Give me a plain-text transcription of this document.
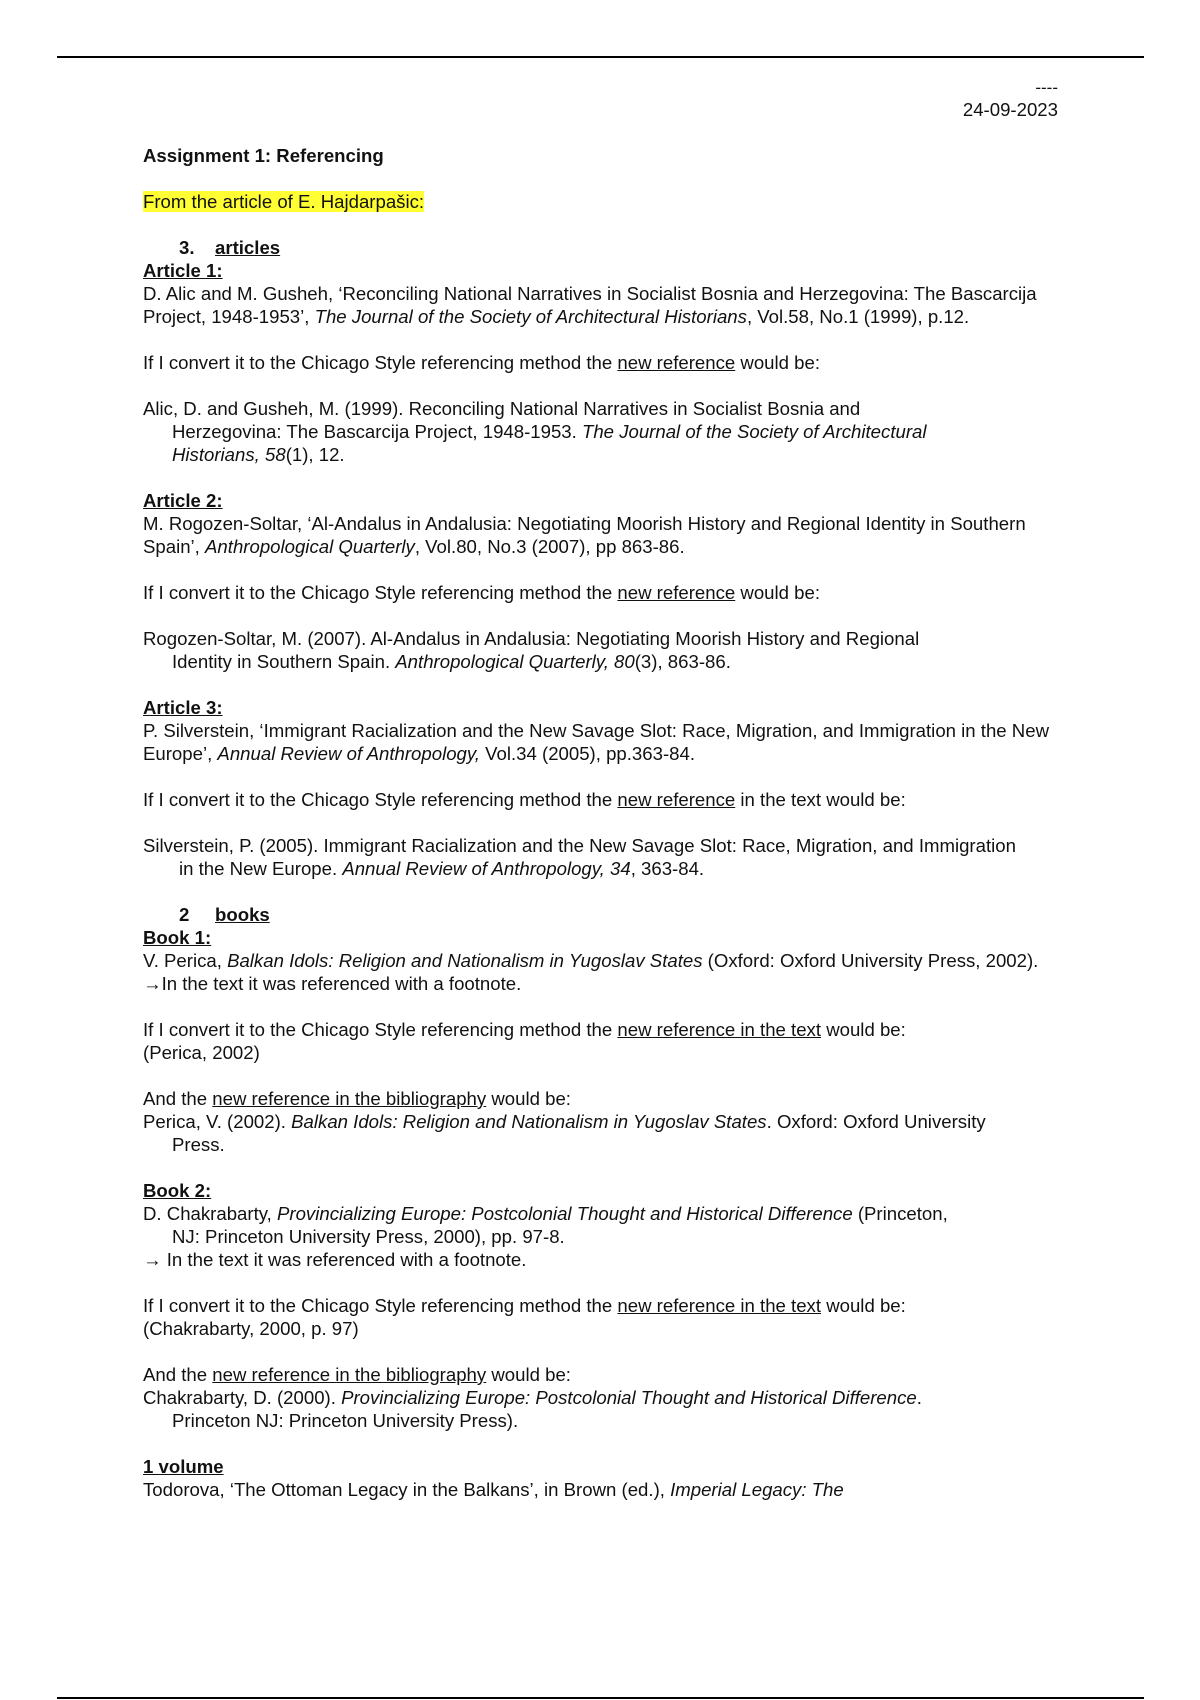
----
24-09-2023
Assignment 1: Referencing
From the article of E. Hajdarpašic:
3. articles
Article 1:

D. Alic and M. Gusheh, ‘Reconciling National Narratives in Socialist Bosnia and Herzegovina: The Bascarcija Project, 1948-1953’, The Journal of the Society of Architectural Historians, Vol.58, No.1 (1999), p.12.

If I convert it to the Chicago Style referencing method the new reference would be:

Alic, D. and Gusheh, M. (1999). Reconciling National Narratives in Socialist Bosnia and Herzegovina: The Bascarcija Project, 1948-1953. The Journal of the Society of Architectural Historians, 58(1), 12.

Article 2:

M. Rogozen-Soltar, ‘Al-Andalus in Andalusia: Negotiating Moorish History and Regional Identity in Southern Spain’, Anthropological Quarterly, Vol.80, No.3 (2007), pp 863-86.

If I convert it to the Chicago Style referencing method the new reference would be:

Rogozen-Soltar, M. (2007). Al-Andalus in Andalusia: Negotiating Moorish History and Regional Identity in Southern Spain. Anthropological Quarterly, 80(3), 863-86.

Article 3:

P. Silverstein, ‘Immigrant Racialization and the New Savage Slot: Race, Migration, and Immigration in the New Europe’, Annual Review of Anthropology, Vol.34 (2005), pp.363-84.

If I convert it to the Chicago Style referencing method the new reference in the text would be:

Silverstein, P. (2005). Immigrant Racialization and the New Savage Slot: Race, Migration, and Immigration in the New Europe. Annual Review of Anthropology, 34, 363-84.

2 books
Book 1:

V. Perica, Balkan Idols: Religion and Nationalism in Yugoslav States (Oxford: Oxford University Press, 2002). →In the text it was referenced with a footnote.

If I convert it to the Chicago Style referencing method the new reference in the text would be:

(Perica, 2002)

And the new reference in the bibliography would be:

Perica, V. (2002). Balkan Idols: Religion and Nationalism in Yugoslav States. Oxford: Oxford University Press.

Book 2:

D. Chakrabarty, Provincializing Europe: Postcolonial Thought and Historical Difference (Princeton, NJ: Princeton University Press, 2000), pp. 97-8.

→ In the text it was referenced with a footnote.

If I convert it to the Chicago Style referencing method the new reference in the text would be:

(Chakrabarty, 2000, p. 97)

And the new reference in the bibliography would be:

Chakrabarty, D. (2000). Provincializing Europe: Postcolonial Thought and Historical Difference. Princeton NJ: Princeton University Press).

1 volume

Todorova, ‘The Ottoman Legacy in the Balkans’, in Brown (ed.), Imperial Legacy: The
